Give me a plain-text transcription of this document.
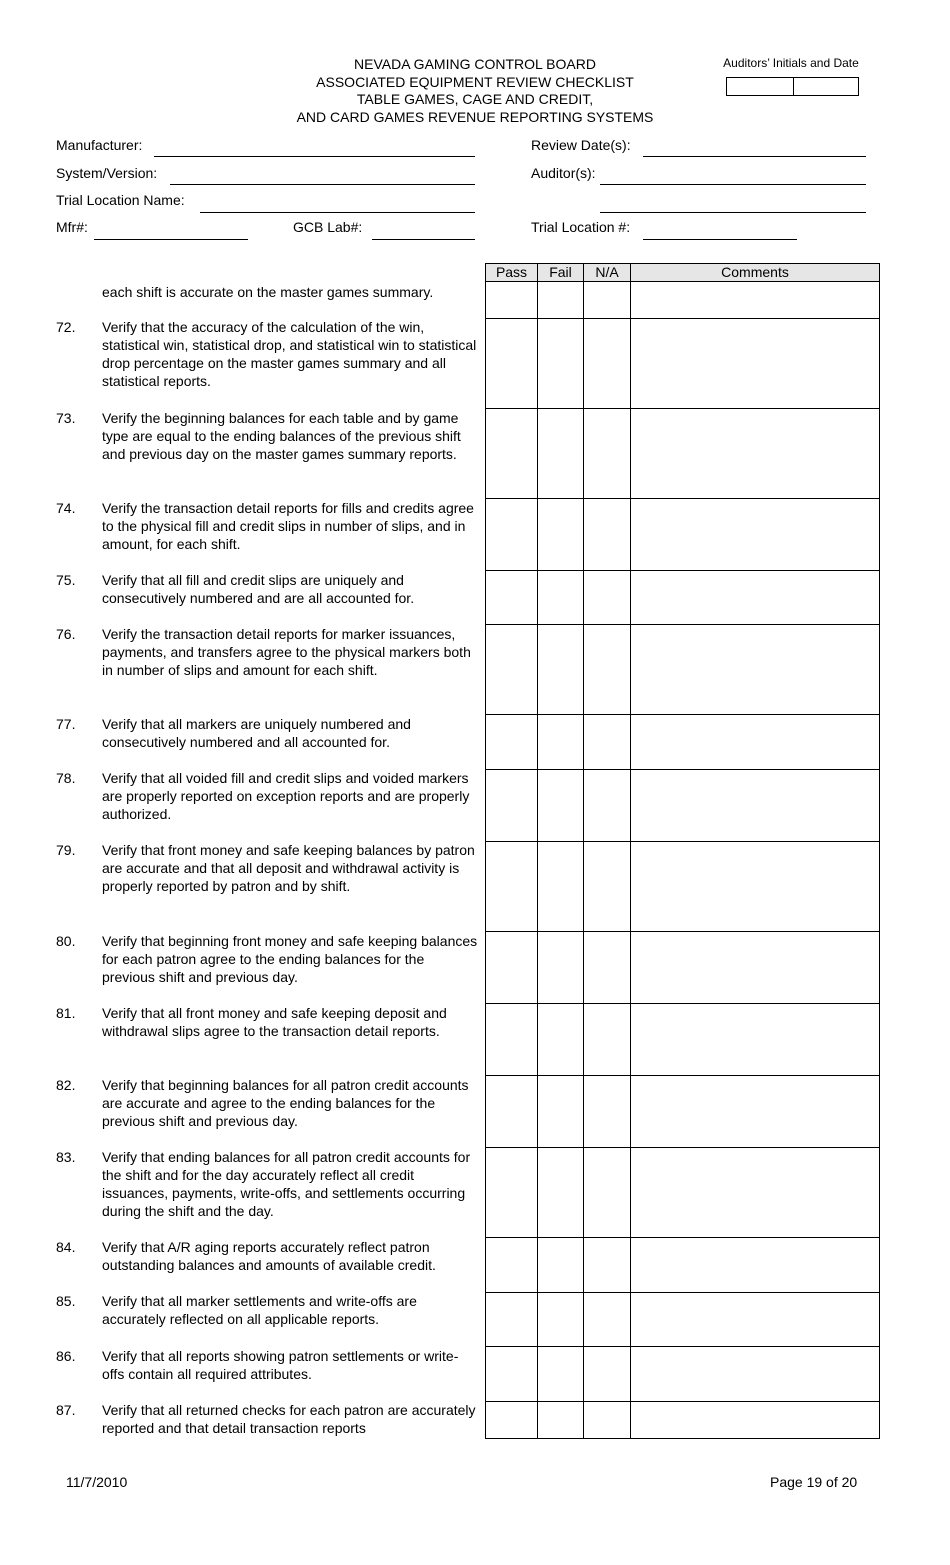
NEVADA GAMING CONTROL BOARD
ASSOCIATED EQUIPMENT REVIEW CHECKLIST
TABLE GAMES, CAGE AND CREDIT,
AND CARD GAMES REVENUE REPORTING SYSTEMS
Auditors’ Initials and Date
Manufacturer:
System/Version:
Trial Location Name:
Mfr#:	GCB Lab#:
Review Date(s):
Auditor(s):
Trial Location #:
Pass	Fail	N/A	Comments

each shift is accurate on the master games summary.
72. Verify that the accuracy of the calculation of the win, statistical win, statistical drop, and statistical win to statistical drop percentage on the master games summary and all statistical reports.
73. Verify the beginning balances for each table and by game type are equal to the ending balances of the previous shift and previous day on the master games summary reports.
74. Verify the transaction detail reports for fills and credits agree to the physical fill and credit slips in number of slips, and in amount, for each shift.
75. Verify that all fill and credit slips are uniquely and consecutively numbered and are all accounted for.
76. Verify the transaction detail reports for marker issuances, payments, and transfers agree to the physical markers both in number of slips and amount for each shift.
77. Verify that all markers are uniquely numbered and consecutively numbered and all accounted for.
78. Verify that all voided fill and credit slips and voided markers are properly reported on exception reports and are properly authorized.
79. Verify that front money and safe keeping balances by patron are accurate and that all deposit and withdrawal activity is properly reported by patron and by shift.
80. Verify that beginning front money and safe keeping balances for each patron agree to the ending balances for the previous shift and previous day.
81. Verify that all front money and safe keeping deposit and withdrawal slips agree to the transaction detail reports.
82. Verify that beginning balances for all patron credit accounts are accurate and agree to the ending balances for the previous shift and previous day.
83. Verify that ending balances for all patron credit accounts for the shift and for the day accurately reflect all credit issuances, payments, write-offs, and settlements occurring during the shift and the day.
84. Verify that A/R aging reports accurately reflect patron outstanding balances and amounts of available credit.
85. Verify that all marker settlements and write-offs are accurately reflected on all applicable reports.
86. Verify that all reports showing patron settlements or write-offs contain all required attributes.
87. Verify that all returned checks for each patron are accurately reported and that detail transaction reports
11/7/2010	Page 19 of 20
